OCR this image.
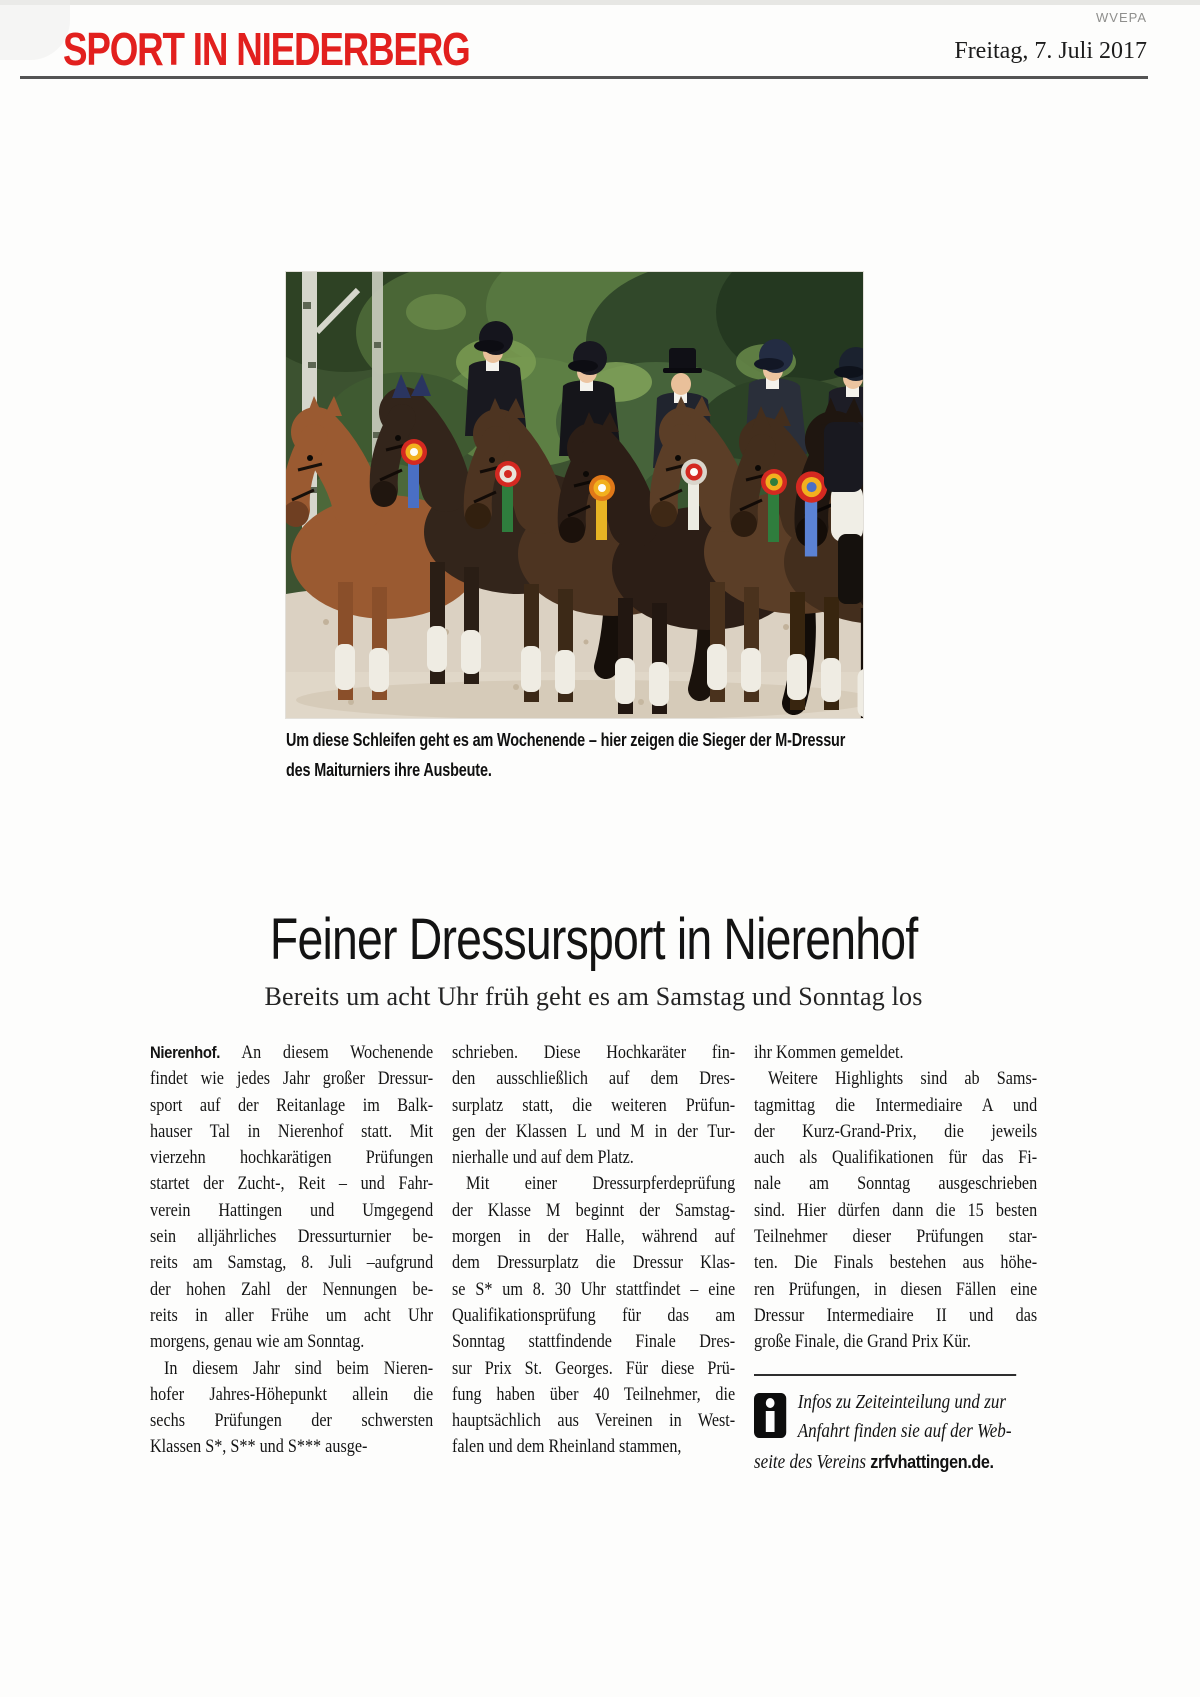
SPORT IN NIEDERBERG
WVEPA
Freitag, 7. Juli 2017
Um diese Schleifen geht es am Wochenende – hier zeigen die Sieger der M-Dressur
des Maiturniers ihre Ausbeute.
Feiner Dressursport in Nierenhof
Bereits um acht Uhr früh geht es am Samstag und Sonntag los
Nierenhof. An diesem Wochenende
findet wie jedes Jahr großer Dressur-
sport auf der Reitanlage im Balk-
hauser Tal in Nierenhof statt. Mit
vierzehn hochkarätigen Prüfungen
startet der Zucht-, Reit – und Fahr-
verein Hattingen und Umgegend
sein alljährliches Dressurturnier be-
reits am Samstag, 8. Juli –aufgrund
der hohen Zahl der Nennungen be-
reits in aller Frühe um acht Uhr
morgens, genau wie am Sonntag.
In diesem Jahr sind beim Nieren-
hofer Jahres-Höhepunkt allein die
sechs Prüfungen der schwersten
Klassen S*, S** und S*** ausge-
schrieben. Diese Hochkaräter fin-
den ausschließlich auf dem Dres-
surplatz statt, die weiteren Prüfun-
gen der Klassen L und M in der Tur-
nierhalle und auf dem Platz.
Mit einer Dressurpferdeprüfung
der Klasse M beginnt der Samstag-
morgen in der Halle, während auf
dem Dressurplatz die Dressur Klas-
se S* um 8. 30 Uhr stattfindet – eine
Qualifikationsprüfung für das am
Sonntag stattfindende Finale Dres-
sur Prix St. Georges. Für diese Prü-
fung haben über 40 Teilnehmer, die
hauptsächlich aus Vereinen in West-
falen und dem Rheinland stammen,
ihr Kommen gemeldet.
Weitere Highlights sind ab Sams-
tagmittag die Intermediaire A und
der Kurz-Grand-Prix, die jeweils
auch als Qualifikationen für das Fi-
nale am Sonntag ausgeschrieben
sind. Hier dürfen dann die 15 besten
Teilnehmer dieser Prüfungen star-
ten. Die Finals bestehen aus höhe-
ren Prüfungen, in diesen Fällen eine
Dressur Intermediaire II und das
große Finale, die Grand Prix Kür.
Infos zu Zeiteinteilung und zur
Anfahrt finden sie auf der Web-
seite des Vereins zrfvhattingen.de.
